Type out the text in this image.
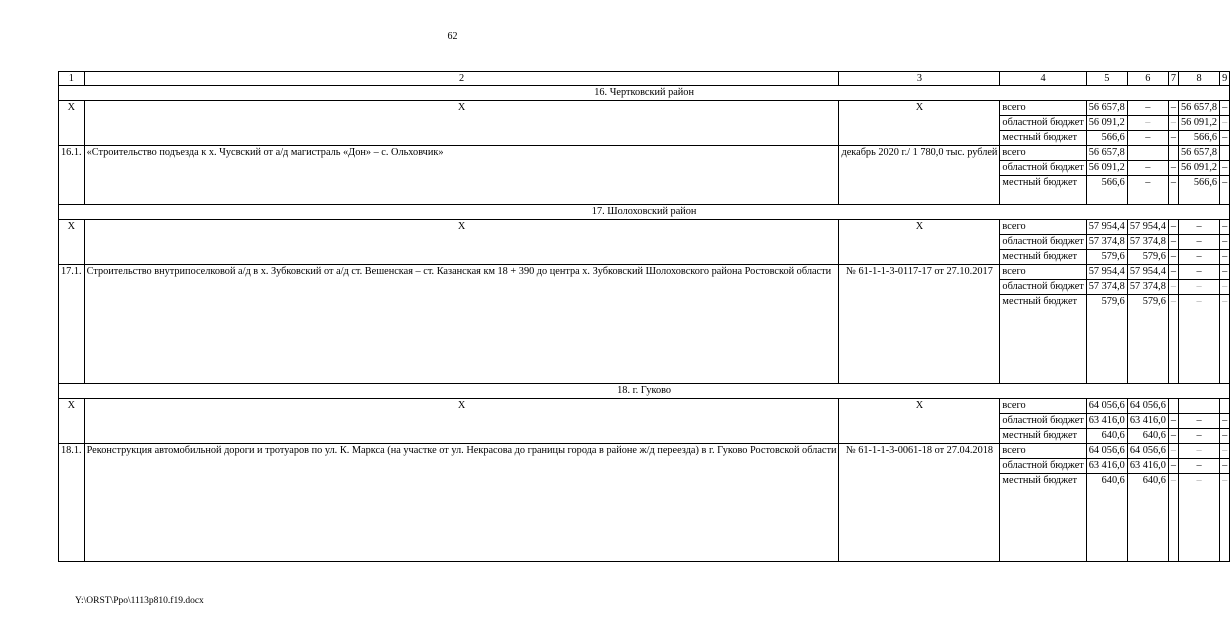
62
1	2	3	4	5	6	7	8	9
16. Чертковский район								
Х	Х	Х	всего	56 657,8	–	–	56 657,8	–
			областной бюджет	56 091,2	–	–	56 091,2	–
			местный бюджет	566,6	–	–	566,6	–
16.1.	«Строительство подъезда к х. Чусвский от а/д магистраль «Дон» – с. Ольховчик»	декабрь 2020 г./ 1 780,0 тыс. рублей	всего	56 657,8			56 657,8	
			областной бюджет	56 091,2	–	–	56 091,2	–
			местный бюджет	566,6	–	–	566,6	–
17. Шолоховский район								
Х	Х	Х	всего	57 954,4	57 954,4	–	–	–
			областной бюджет	57 374,8	57 374,8	–	–	–
			местный бюджет	579,6	579,6	–	–	–
17.1.	Строительство внутрипоселковой а/д в х. Зубковский от а/д ст. Вешенская – ст. Казанская км 18 + 390 до центра х. Зубковский Шолоховского района Ростовской области	№ 61-1-1-3-0117-17 от 27.10.2017	всего	57 954,4	57 954,4	–	–	–
			областной бюджет	57 374,8	57 374,8	–	–	–
			местный бюджет	579,6	579,6	–	–	–
18. г. Гуково								
Х	Х	Х	всего	64 056,6	64 056,6			
			областной бюджет	63 416,0	63 416,0	–	–	–
			местный бюджет	640,6	640,6	–	–	–
18.1.	Реконструкция автомобильной дороги и тротуаров по ул. К. Маркса (на участке от ул. Некрасова до границы города в районе ж/д переезда) в г. Гуково Ростовской области	№ 61-1-1-3-0061-18 от 27.04.2018	всего	64 056,6	64 056,6	–	–	–
			областной бюджет	63 416,0	63 416,0	–	–	–
			местный бюджет	640,6	640,6	–	–	–
Y:\ORST\Ppo\1113p810.f19.docx
